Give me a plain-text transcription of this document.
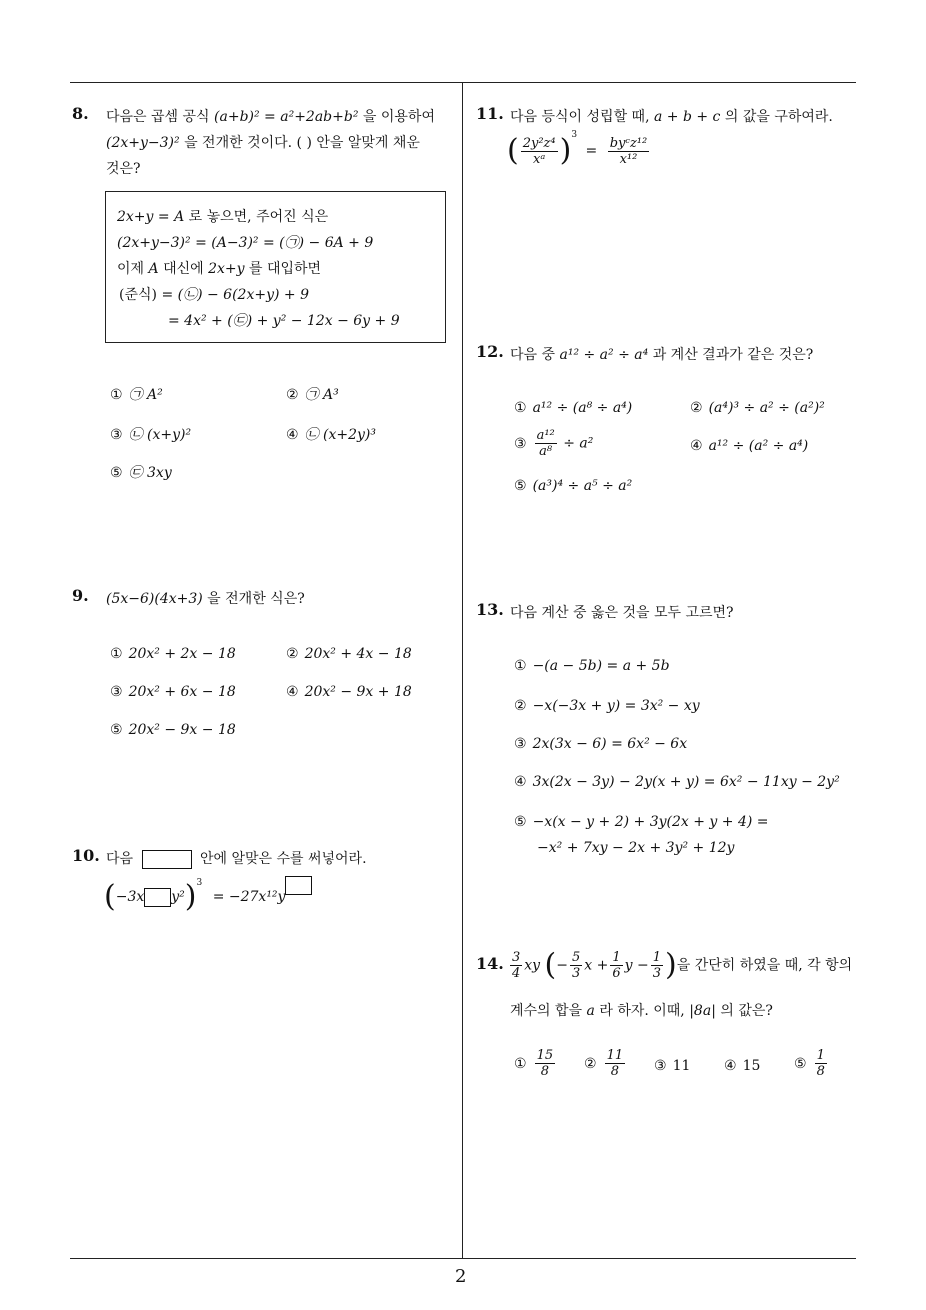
2
8. 다음은 곱셈 공식 (a+b)² = a²+2ab+b² 을 이용하여
(2x+y−3)² 을 전개한 것이다. ( ) 안을 알맞게 채운
것은?
2x+y = A 로 놓으면, 주어진 식은
(2x+y−3)² = (A−3)² = (㉠) − 6A + 9
이제 A 대신에 2x+y 를 대입하면
(준식) = (㉡) − 6(2x+y) + 9
= 4x² + (㉢) + y² − 12x − 6y + 9
① ㉠ A²	② ㉠ A³
③ ㉡ (x+y)²	④ ㉡ (x+2y)³
⑤ ㉢ 3xy
9. (5x−6)(4x+3) 을 전개한 식은?
① 20x² + 2x − 18	② 20x² + 4x − 18
③ 20x² + 6x − 18	④ 20x² − 9x + 18
⑤ 20x² − 9x − 18
10. 다음	안에 알맞은 수를 써넣어라.
(−3x y²)$^3$ = −27x¹²y
11. 다음 등식이 성립할 때, a + b + c 의 값을 구하여라.
( $\frac{\text{2y²z⁴}}{\text{xᵃ}} )^3 = \frac{\text{byᶜz¹²}}{\text{x¹²}}$
12. 다음 중 a¹² ÷ a² ÷ a⁴ 과 계산 결과가 같은 것은?
① a¹² ÷ (a⁸ ÷ a⁴)	② (a⁴)³ ÷ a² ÷ (a²)²
③ $\frac{\text{a¹²}}{\text{a⁸}} \div a^2$	④ a¹² ÷ (a² ÷ a⁴)
⑤ (a³)⁴ ÷ a⁵ ÷ a²
13. 다음 계산 중 옳은 것을 모두 고르면?
① −(a − 5b) = a + 5b
② −x(−3x + y) = 3x² − xy
③ 2x(3x − 6) = 6x² − 6x
④ 3x(2x − 3y) − 2y(x + y) = 6x² − 11xy − 2y²
⑤ −x(x − y + 2) + 3y(2x + y + 4) =
−x² + 7xy − 2x + 3y² + 12y
14. $\frac{3}{4}$ xy (− $\frac{5}{3}$ $x + \frac{1}{6}$ $y - \frac{1}{3}$ )을 간단히 하였을 때, 각 항의
계수의 합을 a 라 하자. 이때, |8a| 의 값은?
① $\frac{15}{8}$ ② $\frac{11}{8}$ ③ 11 ④ 15 ⑤ $\frac{1}{8}$
